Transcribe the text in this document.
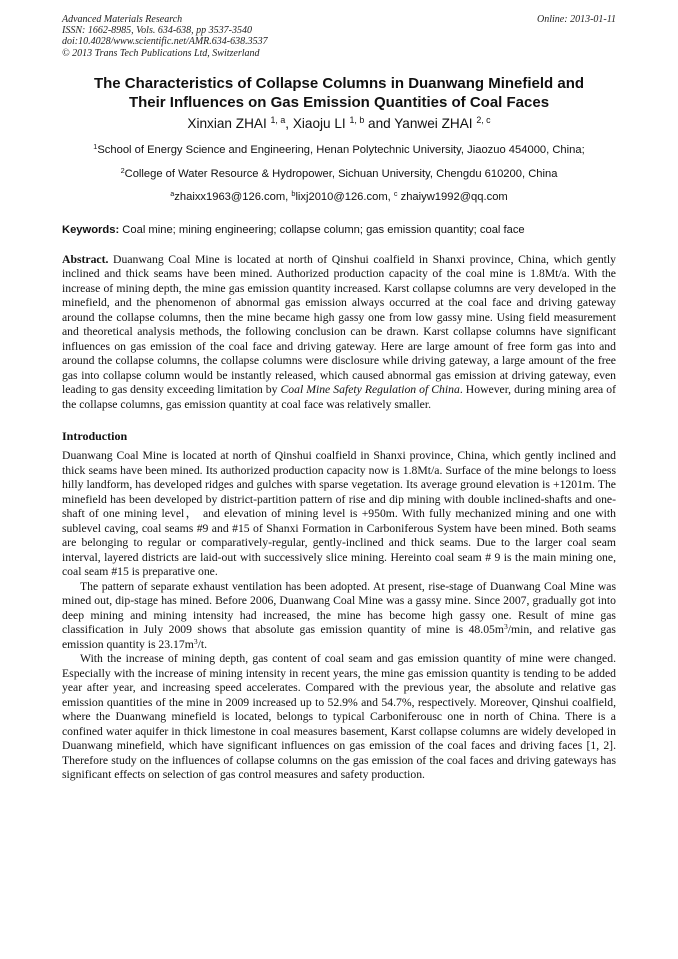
Advanced Materials Research
ISSN: 1662-8985, Vols. 634-638, pp 3537-3540
doi:10.4028/www.scientific.net/AMR.634-638.3537
© 2013 Trans Tech Publications Ltd, Switzerland
Online: 2013-01-11
The Characteristics of Collapse Columns in Duanwang Minefield and
Their Influences on Gas Emission Quantities of Coal Faces
Xinxian ZHAI $^{1, a}$, Xiaoju LI $^{1, b}$ and Yanwei ZHAI $^{2, c}$
$^1$School of Energy Science and Engineering, Henan Polytechnic University, Jiaozuo 454000, China;
$^2$College of Water Resource & Hydropower, Sichuan University, Chengdu 610200, China
$^a$zhaixx1963@126.com, $^b$lixj2010@126.com, $^c$ zhaiyw1992@qq.com
Keywords: Coal mine; mining engineering; collapse column; gas emission quantity; coal face

Abstract. Duanwang Coal Mine is located at north of Qinshui coalfield in Shanxi province, China, which gently inclined and thick seams have been mined. Authorized production capacity of the coal mine is 1.8Mt/a. With the increase of mining depth, the mine gas emission quantity increased. Karst collapse columns are very developed in the minefield, and the phenomenon of abnormal gas emission always occurred at the coal face and driving gateway around the collapse columns, then the mine became high gassy one from low gassy mine. Using field measurement and theoretical analysis methods, the following conclusion can be drawn. Karst collapse columns have significant influences on gas emission of the coal face and driving gateway. Here are large amount of free form gas into and around the collapse columns, the collapse columns were disclosure while driving gateway, a large amount of the free gas into collapse column would be instantly released, which caused abnormal gas emission at driving gateway, even leading to gas density exceeding limitation by Coal Mine Safety Regulation of China. However, during mining area of the collapse columns, gas emission quantity at coal face was relatively smaller.

Introduction

Duanwang Coal Mine is located at north of Qinshui coalfield in Shanxi province, China, which gently inclined and thick seams have been mined. Its authorized production capacity now is 1.8Mt/a. Surface of the mine belongs to loess hilly landform, has developed ridges and gulches with sparse vegetation. Its average ground elevation is +1201m. The minefield has been developed by district-partition pattern of rise and dip mining with double inclined-shafts and one-shaft of one mining level， and elevation of mining level is +950m. With fully mechanized mining and one with sublevel caving, coal seams #9 and #15 of Shanxi Formation in Carboniferous System have been mined. Both seams are belonging to regular or comparatively-regular, gently-inclined and thick seams. Due to the larger coal seam interval, layered districts are laid-out with successively slice mining. Hereinto coal seam # 9 is the main mining one, coal seam #15 is preparative one.

The pattern of separate exhaust ventilation has been adopted. At present, rise-stage of Duanwang Coal Mine was mined out, dip-stage has mined. Before 2006, Duanwang Coal Mine was a gassy mine. Since 2007, gradually got into deep mining and mining intensity had increased, the mine has become high gassy one. Result of mine gas classification in July 2009 shows that absolute gas emission quantity of mine is $48.05m^3/\min$, and relative gas emission quantity is $23.17m^3/t$.

With the increase of mining depth, gas content of coal seam and gas emission quantity of mine were changed. Especially with the increase of mining intensity in recent years, the mine gas emission quantity is tending to be added year after year, and increasing speed accelerates. Compared with the previous year, the absolute and relative gas emission quantities of the mine in 2009 increased up to 52.9% and 54.7%, respectively. Moreover, Qinshui coalfield, where the Duanwang minefield is located, belongs to typical Carboniferousc one in north of China. There is a confined water aquifer in thick limestone in coal measures basement, Karst collapse columns are widely developed in Duanwang minefield, which have significant influences on gas emission of the coal faces and driving faces [1, 2]. Therefore study on the influences of collapse columns on the gas emission of the coal faces and driving gateways has significant effects on selection of gas control measures and safety production.
